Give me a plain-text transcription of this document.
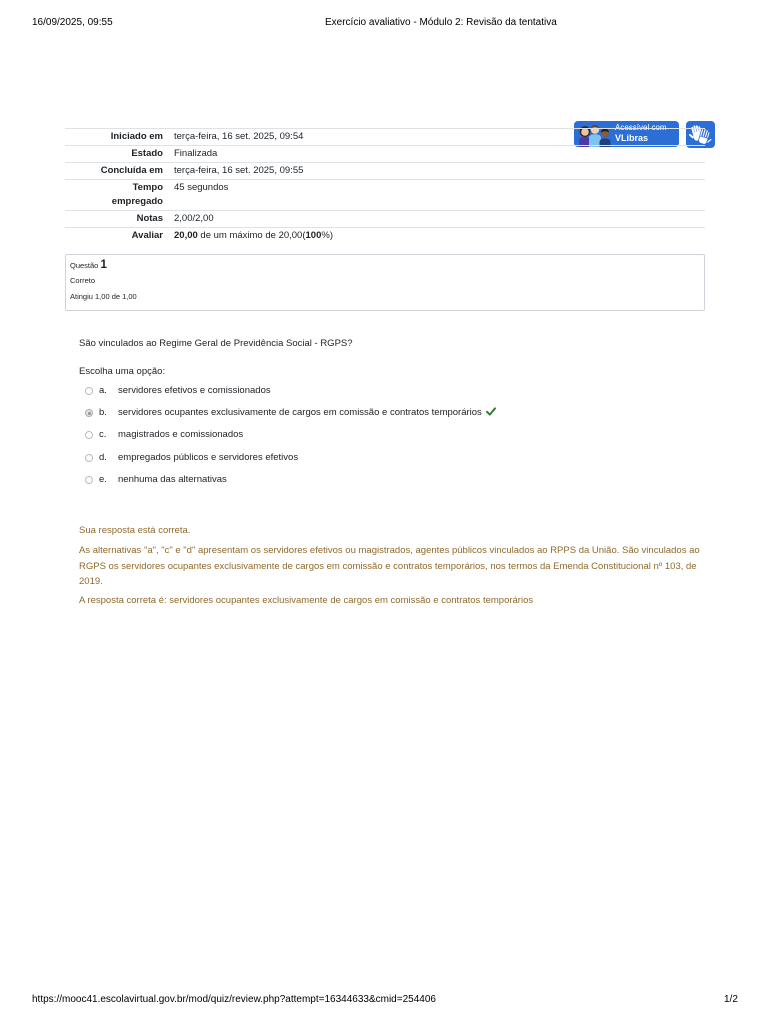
16/09/2025, 09:55	Exercício avaliativo - Módulo 2: Revisão da tentativa
Acessível com
VLibras
Iniciado em terça-feira, 16 set. 2025, 09:54
Estado Finalizada
Concluída em terça-feira, 16 set. 2025, 09:55
Tempo empregado
45 segundos
Notas 2,00/2,00
Avaliar 20,00 de um máximo de 20,00(100%)
Questão 1
Correto
Atingiu 1,00 de 1,00
São vinculados ao Regime Geral de Previdência Social - RGPS?
Escolha uma opção:
a. servidores efetivos e comissionados
b. servidores ocupantes exclusivamente de cargos em comissão e contratos temporários
c. magistrados e comissionados
d. empregados públicos e servidores efetivos
e. nenhuma das alternativas
Sua resposta está correta.
As alternativas "a", "c" e "d" apresentam os servidores efetivos ou magistrados, agentes públicos vinculados ao RPPS da União. São vinculados ao RGPS os servidores ocupantes exclusivamente de cargos em comissão e contratos temporários, nos termos da Emenda Constitucional nº 103, de 2019.
A resposta correta é: servidores ocupantes exclusivamente de cargos em comissão e contratos temporários
https://mooc41.escolavirtual.gov.br/mod/quiz/review.php?attempt=16344633&cmid=254406	1/2
